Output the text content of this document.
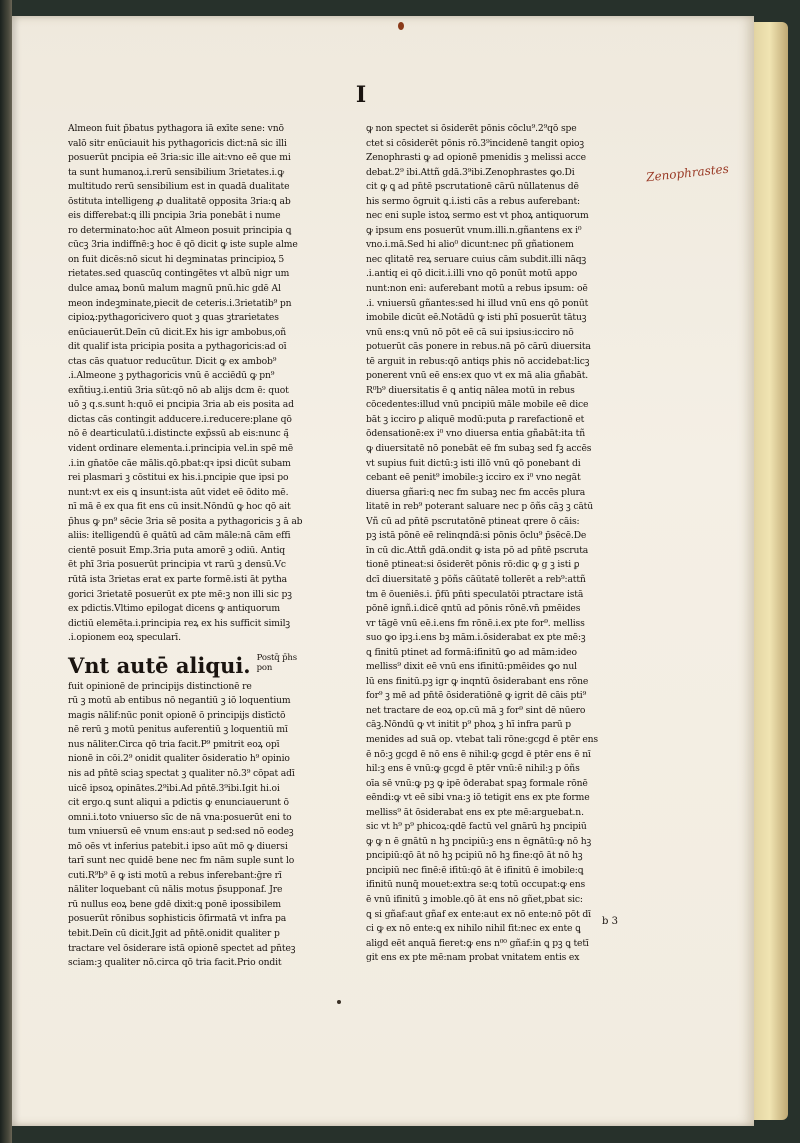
I
Almeon fuit p̄batus pythagora iā exīte sene: vnō
valō sitr enūciauit his pythagoricis dict:nā sic illi
posuerūt pncipia eē 3ria:sic ille ait:vno eē que mi
ta sunt humanoꝝ.i.rerū sensibilium 3rietates.i.ꝙ
multitudo rerū sensibilium est in quadā dualitate
ōstituta intelligeng ꝓ dualitatē opposita 3ria:ꝗ ab
eis differebat:ꝗ illi pncipia 3ria ponebāt i nume
ro determinato:hoc aūt Almeon posuit principia ꝗ
cūcꝫ 3ria indiffnē:ꝫ hoc ē qō dicit ꝙ iste suple alme
on fuit dicēs:nō sicut hi deꝫminatas principioꝝ 5
rietates.sed quascūq contingētes vt albū nigr um
dulce amaꝝ bonū malum magnū pnū.hic gdē Al
meon indeꝫminate,piecit de ceteris.i.3rietatib⁹ pn
cipioꝝ:pythagoricivero quot ꝫ quas ꝫtrarietates
enūciauerūt.Deīn cū dicit.Ex his igr ambobus,oñ
dit qualif ista pricipia posita a pythagoricis:ad oī
ctas cās quatuor reducūtur. Dicit ꝙ ex ambob⁹
.i.Almeone ꝫ pythagoricis vnū ē acciēdū ꝙ pn⁹
exñtiuꝫ.i.entiū 3ria sūt:qō nō ab alijs dcm ē: quot
uō ꝫ q.s.sunt h:quō ei pncipia 3ria ab eis posita ad
dictas cās contingit adducere.i.reducere:plane qō
nō ē dearticulatū.i.distincte exp̄ssū ab eis:nunc ą̄
vident ordinare elementa.i.principia vel.in spē mē
.i.in gn̄atōe cāe mālis.qō.pbat:qꝛ ipsi dicūt subam
rei plasmari ꝫ cōstitui ex his.i.pncipie que ipsi po
nunt:vt ex eis ꝗ insunt:ista aūt videt eē ōdito mē.
nī mā ē ex qua fit ens cū insit.Nōndū ꝙ hoc qō ait
p̄hus ꝙ pn⁹ sēcie 3ria sē posita a pythagoricis ꝫ ā ab
aliis: itelligendū ē quātū ad cām māle:nā cām effi
cientē posuit Emp.3ria puta amorē ꝫ odiū. Antiq
ēt phī 3ria posuerūt principia vt rarū ꝫ densū.Vc
rūtā ista 3rietas erat ex parte formē.isti āt pytha
gorici 3rietatē posuerūt ex pte mē:ꝫ non illi sic pꝫ
ex pdictis.Vltimo epilogat dicens ꝙ antiquorum
dictiū elemēta.i.principia reꝝ ex his sufficit similꝫ
.i.opionem eoꝝ specularī.
Vnt autē aliqui. Postq̄ p̄hs pon
fuit opinionē de principijs distinctionē re
rū ꝫ motū ab entibus nō negantiū ꝫ iō loquentium
magis nālif:nūc ponit opionē ō principijs distīctō
nē rerū ꝫ motū penitus auferentiū ꝫ loquentiū mī
nus nāliter.Circa qō tria facit.P⁹ pmitrit eoꝝ opī
nionē in cōi.2⁹ onidit qualiter ōsideratio h⁹ opinio
nis ad pn̄tē sciaꝫ spectat ꝫ qualiter nō.3⁹ cōpat adī
uicē ipsoꝝ opinātes.2⁹ibi.Ad pn̄tē.3⁹ibi.Igit hi.oi
cit ergo.ꝗ sunt aliqui a pdictis ꝙ enunciauerunt ō
omni.i.toto vniuerso sīc de nā vna:posuerūt eni to
tum vniuersū eē vnum ens:aut p sed:sed nō eodeꝫ
mō oēs vt inferius patebit.i ipso aūt mō ꝙ diuersi
tarī sunt nec quidē bene nec fm nām suple sunt lo
cuti.R⁹b⁹ ē ꝙ isti motū a rebus inferebant:ḡre rī
nāliter loquebant cū nālis motus p̄supponaf. Jre
rū nullus eoꝝ bene gdē dixit:ꝗ ponē ipossibilem
posuerūt rōnibus sophisticis ōfirmatā vt infra pa
tebit.Deīn cū dicit.Jgit ad pn̄tē.onidit qualiter p
tractare vel ōsiderare istā opionē spectet ad pn̄teꝫ
sciam:ꝫ qualiter nō.circa qō tria facit.Prio ondit
ꝙ non spectet si ōsiderēt pōnis cōclu⁹.2⁹qō spe
ctet si cōsiderēt pōnis rō.3⁹incidenē tangit opioꝫ
Zenophrasti ꝙ ad opionē pmenidis ꝫ melissi acce
debat.2⁹ ibi.Attñ gdā.3⁹ibi.Zenophrastes ꝙo.Di
cit ꝙ ꝗ ad pn̄tē pscrutationē cārū nūllatenus dē
his sermo ōgruit ꝗ.i.isti cās a rebus auferebant:
nec eni suple istoꝝ sermo est vt phoꝝ antiquorum
ꝙ ipsum ens posuerūt vnum.illi.n.gñantens ex i⁰
vno.i.mā.Sed hi alio⁰ dicunt:nec pñ gñationem
nec qlitatē reꝝ seruare cuius cām subdit.illi nāqꝫ
.i.antiq ei qō dicit.i.illi vno qō ponūt motū appo
nunt:non eni: auferebant motū a rebus ipsum: oē
.i. vniuersū gñantes:sed hi illud vnū ens qō ponūt
imobile dicūt eē.Notādū ꝙ isti phī posuerūt tātuꝫ
vnū ens:ꝗ vnū nō pōt eē cā sui ipsius:icciro nō
potuerūt cās ponere in rebus.nā pō cārū diuersita
tē arguit in rebus:qō antiqs phis nō accidebat:licꝫ
ponerent vnū eē ens:ex quo vt ex mā alia gñabāt.
R⁰b⁹ diuersitatis ē ꝗ antiq nālea motū in rebus
cōcedentes:illud vnū pncipiū māle mobile eē dice
bāt ꝫ icciro ꝑ aliquē modū:puta ꝑ rarefactionē et
ōdensationē:ex i⁰ vno diuersa entia gñabāt:ita tñ
ꝙ diuersitatē nō ponebāt eē fm subaꝫ sed fꝫ accēs
vt supius fuit dictū:ꝫ isti illō vnū qō ponebant di
cebant eē penit⁹ imobile:ꝫ icciro ex i⁰ vno negāt
diuersa gñari:ꝗ nec fm subaꝫ nec fm accēs plura
litatē in reb⁹ poterant saluare nec p ōñs cāꝫ ꝫ cātū
Vñ cū ad pn̄tē pscrutatōnē ptineat qrere ō cāis:
pꝫ istā pōnē eē relinqndā:si pōnis ōclu⁹ p̄sēcē.De
īn cū dic.Attñ gdā.ondit ꝙ ista pō ad pn̄tē pscruta
tionē ptineat:si ōsiderēt pōnis rō:dic ꝙ g ꝫ isti ꝑ
dcī diuersitatē ꝫ pōñs cāūtatē tollerēt a reb⁹:attñ
tm ē ōueniēs.i. p̄fū pn̄ti speculatōi ptractare istā
pōnē ignñ.i.dicē qntū ad pōnis rōnē.vn̄ pmēides
vr tāgē vnū eē.i.ens fm rōnē.i.ex pte for⁹. melliss
suo ꝙo ipꝫ.i.ens bꝫ mām.i.ōsiderabat ex pte mē:ꝫ
ꝗ finitū ptinet ad formā:ifinitū ꝙo ad mām:ideo
melliss⁹ dixit eē vnū ens ifinitū:pmēides ꝙo nul
lū ens finitū.pꝫ igr ꝙ inqntū ōsiderabant ens rōne
for⁹ ꝫ mē ad pn̄tē ōsideratiōnē ꝙ igrit dē cāis pti⁹
net tractare de eoꝝ op.cū mā ꝫ for⁹ sint dē nūero
cāꝫ.Nōndū ꝙ vt initit p⁹ phoꝝ ꝫ hī infra parū p
menides ad suā op. vtebat tali rōne:gcgd ē ptēr ens
ē nō:ꝫ gcgd ē nō ens ē nihil:ꝙ gcgd ē ptēr ens ē nī
hil:ꝫ ens ē vnū:ꝙ gcgd ē ptēr vnū:ē nihil:ꝫ p ōñs
oīa sē vnū:ꝙ pꝫ ꝙ ipē ōderabat spaꝫ formale rōnē
eēndi:ꝙ vt eē sibi vna:ꝫ iō tetigit ens ex pte forme
melliss⁹ āt ōsiderabat ens ex pte mē:arguebat.n.
sic vt h⁹ p⁹ phicoꝝ:qdē factū vel gnārū hꝫ pncipiū
ꝙ ꝙ n ē gnātū n hꝫ pncipiū:ꝫ ens n ēgnātū:ꝙ nō hꝫ
pncipiū:qō āt nō hꝫ pcipiū nō hꝫ fine:qō āt nō hꝫ
pncipiū nec finē:ē ifitū:qō āt ē ifinitū ē imobile:ꝗ
ifinitū nunq̄ mouet:extra se:ꝗ totū occupat:ꝙ ens
ē vnū ifinitū ꝫ imoble.qō āt ens nō gñet,pbat sic:
ꝗ si gñaf:aut gñaf ex ente:aut ex nō ente:nō pōt dī
ci ꝙ ex nō ente:ꝗ ex nihilo nihil fit:nec ex ente ꝗ
aligd eēt anquā fieret:ꝙ ens n⁰⁰ gñaf:in ꝗ pꝫ ꝗ tetī
git ens ex pte mē:nam probat vnitatem entis ex
Zenophrastes
b 3
